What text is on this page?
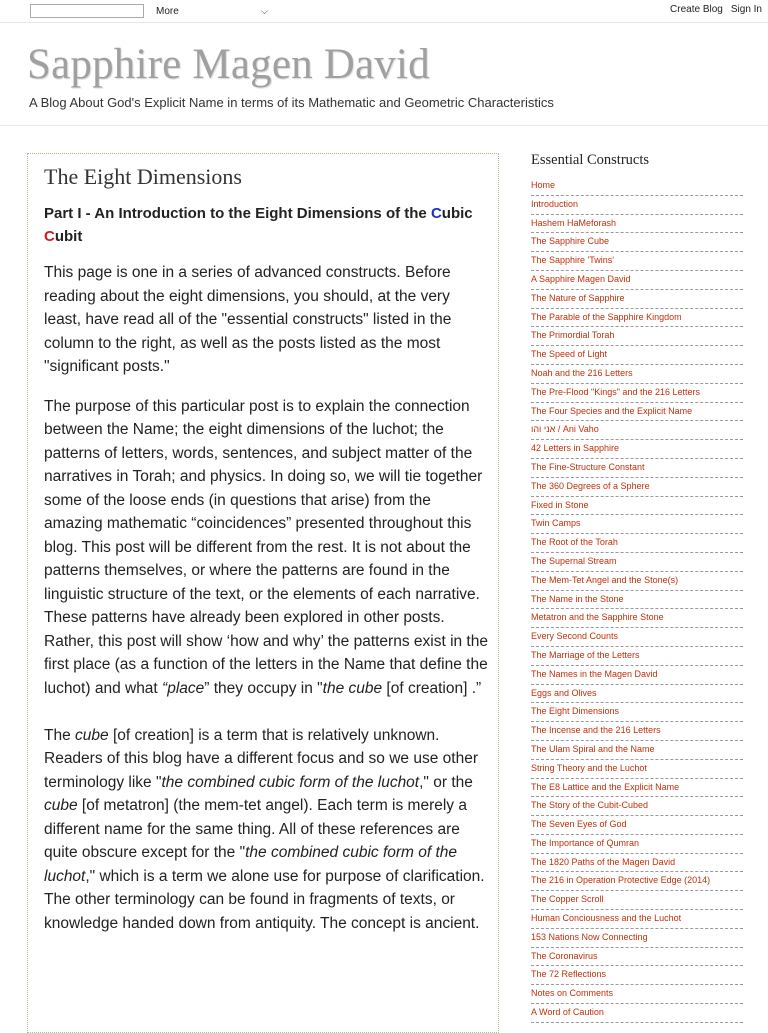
More	⌵	Create Blog Sign In
Sapphire Magen David
A Blog About God's Explicit Name in terms of its Mathematic and Geometric Characteristics
The Eight Dimensions
Part I - An Introduction to the Eight Dimensions of the Cubic Cubit

This page is one in a series of advanced constructs. Before reading about the eight dimensions, you should, at the very least, have read all of the "essential constructs" listed in the column to the right, as well as the posts listed as the most "significant posts."

The purpose of this particular post is to explain the connection between the Name; the eight dimensions of the luchot; the patterns of letters, words, sentences, and subject matter of the narratives in Torah; and physics. In doing so, we will tie together some of the loose ends (in questions that arise) from the amazing mathematic “coincidences” presented throughout this blog. This post will be different from the rest. It is not about the patterns themselves, or where the patterns are found in the linguistic structure of the text, or the elements of each narrative. These patterns have already been explored in other posts. Rather, this post will show ‘how and why’ the patterns exist in the first place (as a function of the letters in the Name that define the luchot) and what “place” they occupy in "the cube [of creation] .”

The cube [of creation] is a term that is relatively unknown. Readers of this blog have a different focus and so we use other terminology like "the combined cubic form of the luchot," or the cube [of metatron] (the mem-tet angel). Each term is merely a different name for the same thing. All of these references are quite obscure except for the "the combined cubic form of the luchot," which is a term we alone use for purpose of clarification. The other terminology can be found in fragments of texts, or knowledge handed down from antiquity. The concept is ancient.

Essential Constructs
Home
Introduction
Hashem HaMeforash
The Sapphire Cube
The Sapphire 'Twins'
A Sapphire Magen David
The Nature of Sapphire
The Parable of the Sapphire Kingdom
The Primordial Torah
The Speed of Light
Noah and the 216 Letters
The Pre-Flood "Kings" and the 216 Letters
The Four Species and the Explicit Name
אני והו / Ani Vaho
42 Letters in Sapphire
The Fine-Structure Constant
The 360 Degrees of a Sphere
Fixed in Stone
Twin Camps
The Root of the Torah
The Supernal Stream
The Mem-Tet Angel and the Stone(s)
The Name in the Stone
Metatron and the Sapphire Stone
Every Second Counts
The Marriage of the Letters
The Names in the Magen David
Eggs and Olives
The Eight Dimensions
The Incense and the 216 Letters
The Ulam Spiral and the Name
String Theory and the Luchot
The E8 Lattice and the Explicit Name
The Story of the Cubit-Cubed
The Seven Eyes of God
The Importance of Qumran
The 1820 Paths of the Magen David
The 216 in Operation Protective Edge (2014)
The Copper Scroll
Human Conciousness and the Luchot
153 Nations Now Connecting
The Coronavirus
The 72 Reflections
Notes on Comments
A Word of Caution
